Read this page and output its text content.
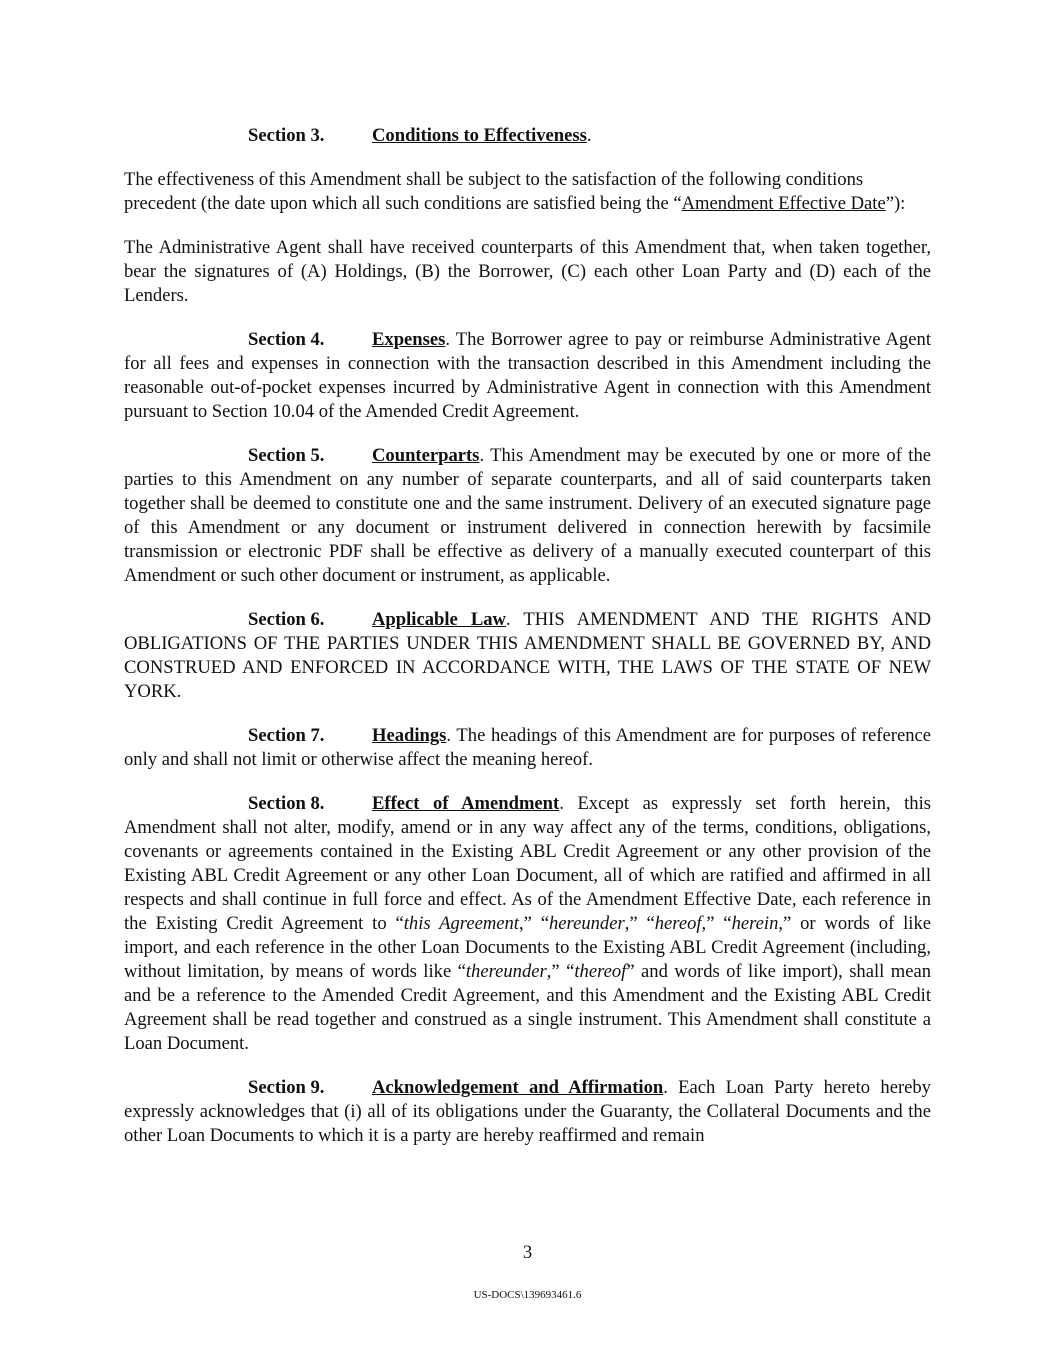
Section 3.	Conditions to Effectiveness.

The effectiveness of this Amendment shall be subject to the satisfaction of the following conditions precedent (the date upon which all such conditions are satisfied being the “Amendment Effective Date”):

The Administrative Agent shall have received counterparts of this Amendment that, when taken together, bear the signatures of (A) Holdings, (B) the Borrower, (C) each other Loan Party and (D) each of the Lenders.

Section 4.	Expenses. The Borrower agree to pay or reimburse Administrative Agent for all fees and expenses in connection with the transaction described in this Amendment including the reasonable out-of-pocket expenses incurred by Administrative Agent in connection with this Amendment pursuant to Section 10.04 of the Amended Credit Agreement.

Section 5.	Counterparts. This Amendment may be executed by one or more of the parties to this Amendment on any number of separate counterparts, and all of said counterparts taken together shall be deemed to constitute one and the same instrument. Delivery of an executed signature page of this Amendment or any document or instrument delivered in connection herewith by facsimile transmission or electronic PDF shall be effective as delivery of a manually executed counterpart of this Amendment or such other document or instrument, as applicable.

Section 6.	Applicable Law. THIS AMENDMENT AND THE RIGHTS AND OBLIGATIONS OF THE PARTIES UNDER THIS AMENDMENT SHALL BE GOVERNED BY, AND CONSTRUED AND ENFORCED IN ACCORDANCE WITH, THE LAWS OF THE STATE OF NEW YORK.

Section 7.	Headings. The headings of this Amendment are for purposes of reference only and shall not limit or otherwise affect the meaning hereof.

Section 8.	Effect of Amendment. Except as expressly set forth herein, this Amendment shall not alter, modify, amend or in any way affect any of the terms, conditions, obligations, covenants or agreements contained in the Existing ABL Credit Agreement or any other provision of the Existing ABL Credit Agreement or any other Loan Document, all of which are ratified and affirmed in all respects and shall continue in full force and effect. As of the Amendment Effective Date, each reference in the Existing Credit Agreement to “this Agreement,” “hereunder,” “hereof,” “herein,” or words of like import, and each reference in the other Loan Documents to the Existing ABL Credit Agreement (including, without limitation, by means of words like “thereunder,” “thereof” and words of like import), shall mean and be a reference to the Amended Credit Agreement, and this Amendment and the Existing ABL Credit Agreement shall be read together and construed as a single instrument. This Amendment shall constitute a Loan Document.

Section 9.	Acknowledgement and Affirmation. Each Loan Party hereto hereby expressly acknowledges that (i) all of its obligations under the Guaranty, the Collateral Documents and the other Loan Documents to which it is a party are hereby reaffirmed and remain

3
US-DOCS\139693461.6
